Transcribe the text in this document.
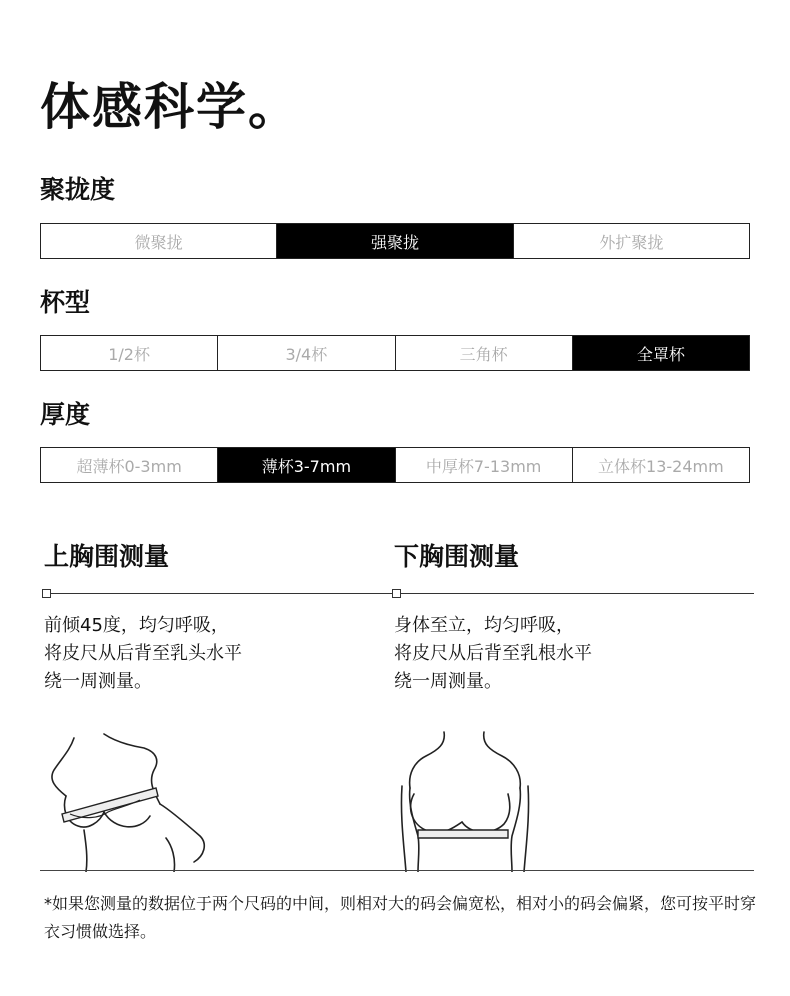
体感科学。
聚拢度
微聚拢	强聚拢	外扩聚拢
杯型
1/2杯	3/4杯	三角杯	全罩杯
厚度
超薄杯0-3mm	薄杯3-7mm	中厚杯7-13mm	立体杯13-24mm
上胸围测量	下胸围测量
前倾45度，均匀呼吸，
将皮尺从后背至乳头水平
绕一周测量。
身体至立，均匀呼吸，
将皮尺从后背至乳根水平
绕一周测量。
*如果您测量的数据位于两个尺码的中间，则相对大的码会偏宽松，相对小的码会偏紧，您可按平时穿衣习惯做选择。
